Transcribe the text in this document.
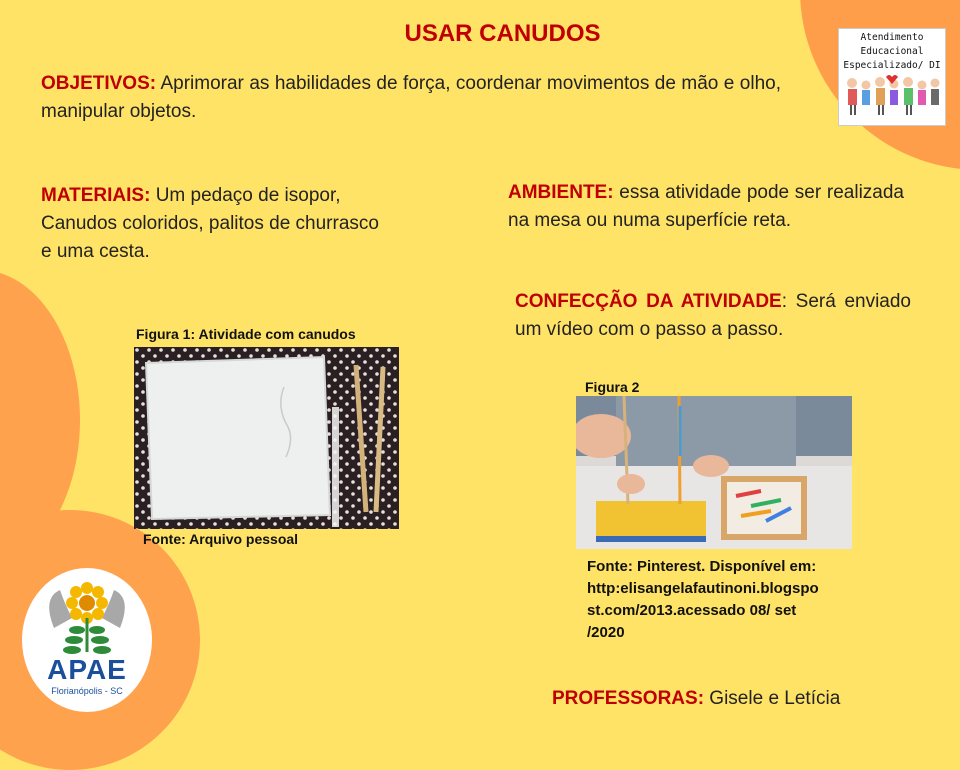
USAR CANUDOS	Atendimento
Educacional
Especializado/ DI
OBJETIVOS: Aprimorar as habilidades de força, coordenar movimentos de mão e olho, manipular objetos.
MATERIAIS: Um pedaço de isopor, Canudos coloridos, palitos de churrasco e uma cesta.
AMBIENTE: essa atividade pode ser realizada na mesa ou numa superfície reta.
CONFECÇÃO DA ATIVIDADE: Será enviado um vídeo com o passo a passo.
Figura 1: Atividade com canudos
Fonte: Arquivo pessoal
Figura 2
Fonte: Pinterest. Disponível em:
http:elisangelafautinoni.blogspo
st.com/2013.acessado 08/ set
/2020
APAE
Florianópolis - SC	PROFESSORAS: Gisele e Letícia
